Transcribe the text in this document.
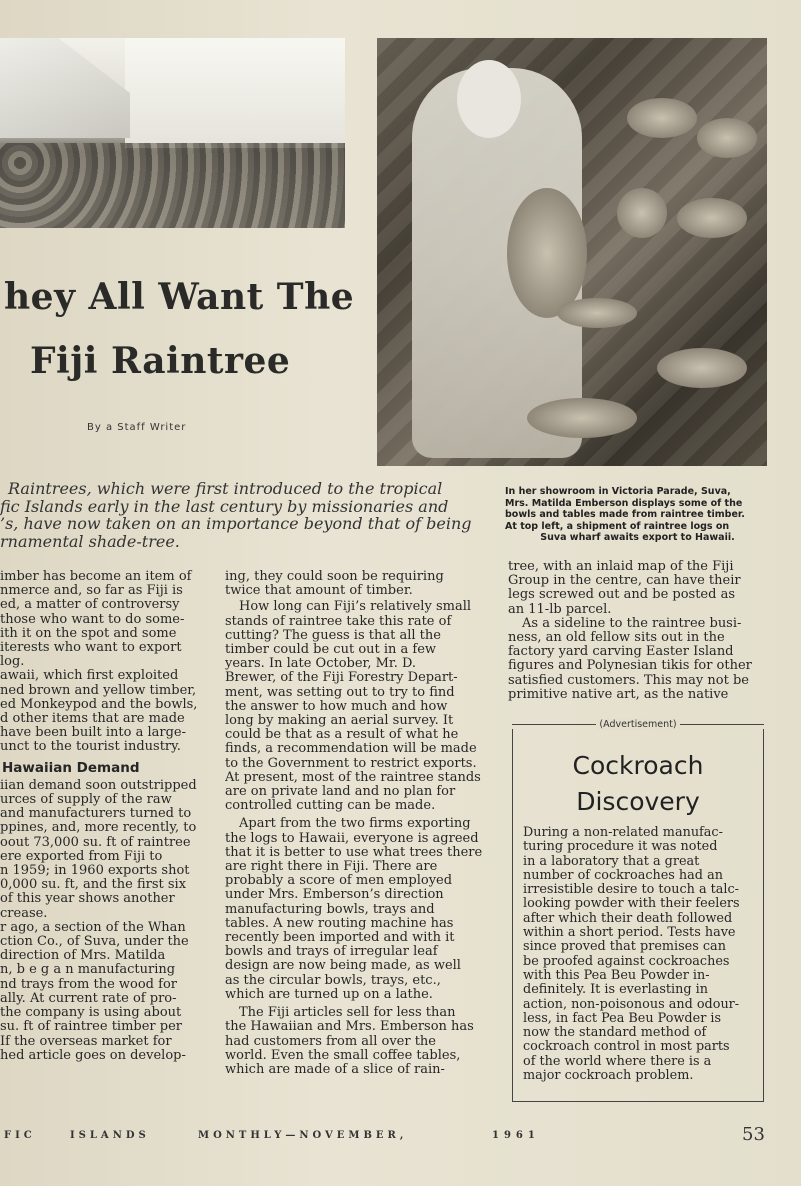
hey All Want The
Fiji Raintree
By a Staff Writer
In her showroom in Victoria Parade, Suva,
Mrs. Matilda Emberson displays some of the
bowls and tables made from raintree timber.
At top left, a shipment of raintree logs on
Suva wharf awaits export to Hawaii.
Raintrees, which were first introduced to the tropical
fic Islands early in the last century by missionaries and
’s, have now taken on an importance beyond that of being
rnamental shade-tree.
imber has become an item of
nmerce and, so far as Fiji is
ed, a matter of controversy
those who want to do some-
ith it on the spot and some
iterests who want to export
log.
awaii, which first exploited
ned brown and yellow timber,
ed Monkeypod and the bowls,
d other items that are made
have been built into a large-
unct to the tourist industry.
Hawaiian Demand
iian demand soon outstripped
urces of supply of the raw
and manufacturers turned to
ppines, and, more recently, to
oout 73,000 su. ft of raintree
ere exported from Fiji to
n 1959; in 1960 exports shot
0,000 su. ft, and the first six
of this year shows another
crease.
r ago, a section of the Whan
ction Co., of Suva, under the
direction of Mrs. Matilda
n, b e g a n manufacturing
nd trays from the wood for
ally. At current rate of pro-
the company is using about
su. ft of raintree timber per
If the overseas market for
hed article goes on develop-
ing, they could soon be requiring
twice that amount of timber.
How long can Fiji’s relatively small
stands of raintree take this rate of
cutting? The guess is that all the
timber could be cut out in a few
years. In late October, Mr. D.
Brewer, of the Fiji Forestry Depart-
ment, was setting out to try to find
the answer to how much and how
long by making an aerial survey. It
could be that as a result of what he
finds, a recommendation will be made
to the Government to restrict exports.
At present, most of the raintree stands
are on private land and no plan for
controlled cutting can be made.
Apart from the two firms exporting
the logs to Hawaii, everyone is agreed
that it is better to use what trees there
are right there in Fiji. There are
probably a score of men employed
under Mrs. Emberson’s direction
manufacturing bowls, trays and
tables. A new routing machine has
recently been imported and with it
bowls and trays of irregular leaf
design are now being made, as well
as the circular bowls, trays, etc.,
which are turned up on a lathe.
The Fiji articles sell for less than
the Hawaiian and Mrs. Emberson has
had customers from all over the
world. Even the small coffee tables,
which are made of a slice of rain-
tree, with an inlaid map of the Fiji
Group in the centre, can have their
legs screwed out and be posted as
an 11-lb parcel.
As a sideline to the raintree busi-
ness, an old fellow sits out in the
factory yard carving Easter Island
figures and Polynesian tikis for other
satisfied customers. This may not be
primitive native art, as the native
(Advertisement)
Cockroach
Discovery
During a non-related manufac-
turing procedure it was noted
in a laboratory that a great
number of cockroaches had an
irresistible desire to touch a talc-
looking powder with their feelers
after which their death followed
within a short period. Tests have
since proved that premises can
be proofed against cockroaches
with this Pea Beu Powder in-
definitely. It is everlasting in
action, non-poisonous and odour-
less, in fact Pea Beu Powder is
now the standard method of
cockroach control in most parts
of the world where there is a
major cockroach problem.
FIC	ISLANDS	MONTHLY—NOVEMBER,	1961	53
